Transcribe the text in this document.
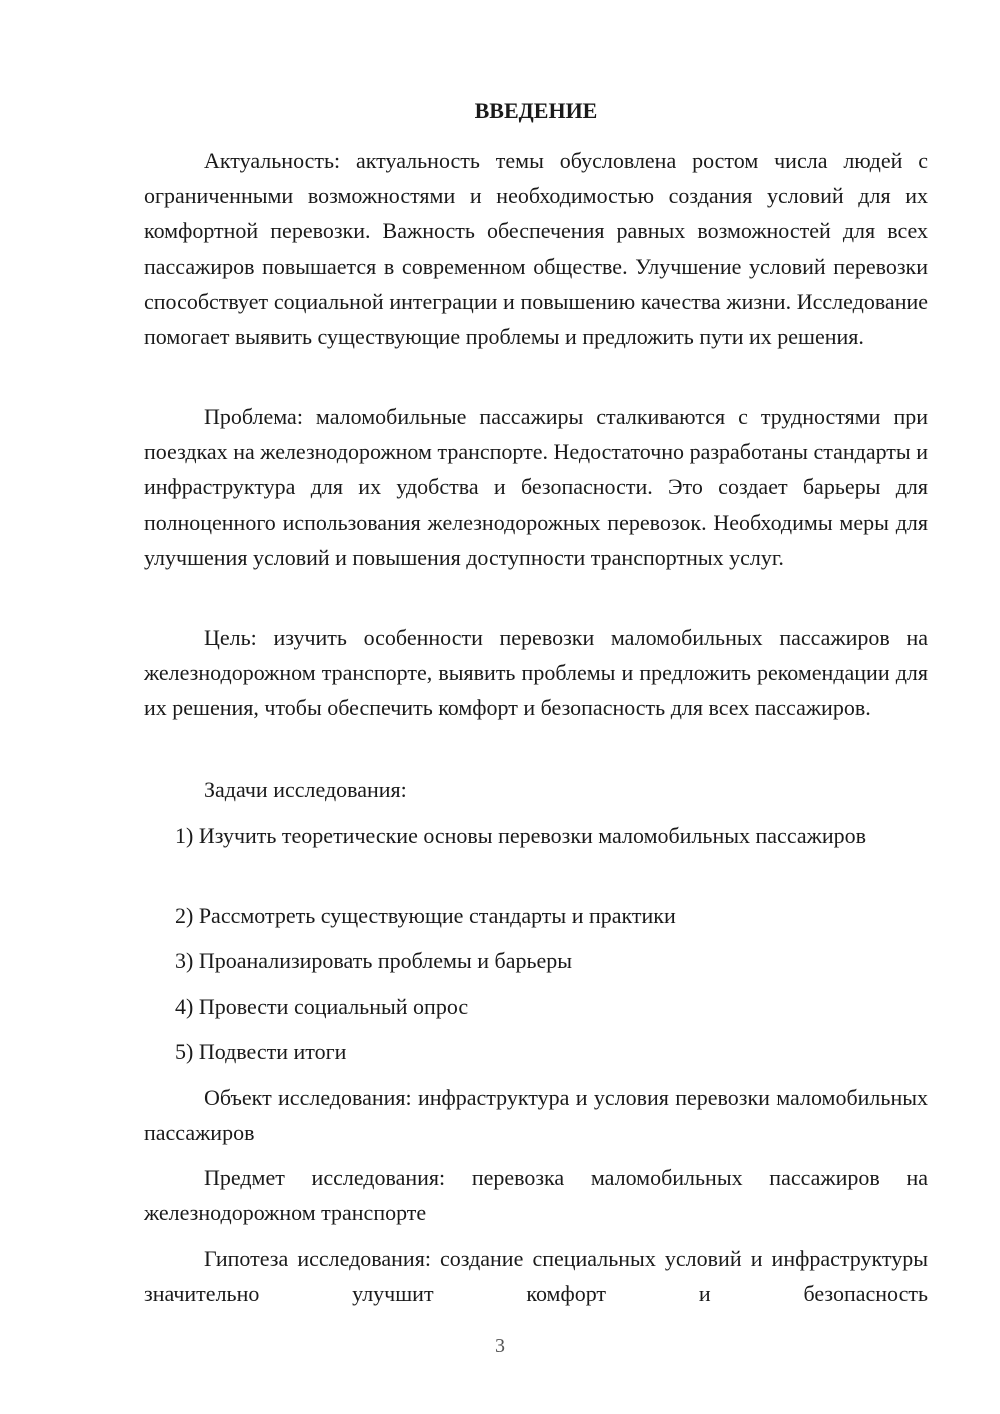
ВВЕДЕНИЕ

Актуальность: актуальность темы обусловлена ростом числа людей с ограниченными возможностями и необходимостью создания условий для их комфортной перевозки. Важность обеспечения равных возможностей для всех пассажиров повышается в современном обществе. Улучшение условий перевозки способствует социальной интеграции и повышению качества жизни. Исследование помогает выявить существующие проблемы и предложить пути их решения.

Проблема: маломобильные пассажиры сталкиваются с трудностями при поездках на железнодорожном транспорте. Недостаточно разработаны стандарты и инфраструктура для их удобства и безопасности. Это создает барьеры для полноценного использования железнодорожных перевозок. Необходимы меры для улучшения условий и повышения доступности транспортных услуг.

Цель: изучить особенности перевозки маломобильных пассажиров на железнодорожном транспорте, выявить проблемы и предложить рекомендации для их решения, чтобы обеспечить комфорт и безопасность для всех пассажиров.

Задачи исследования:

1) Изучить теоретические основы перевозки маломобильных пассажиров

2) Рассмотреть существующие стандарты и практики

3) Проанализировать проблемы и барьеры

4) Провести социальный опрос

5) Подвести итоги

Объект исследования: инфраструктура и условия перевозки маломобильных пассажиров

Предмет исследования: перевозка маломобильных пассажиров на железнодорожном транспорте

Гипотеза исследования: создание специальных условий и инфраструктуры значительно улучшит комфорт и безопасность

3
